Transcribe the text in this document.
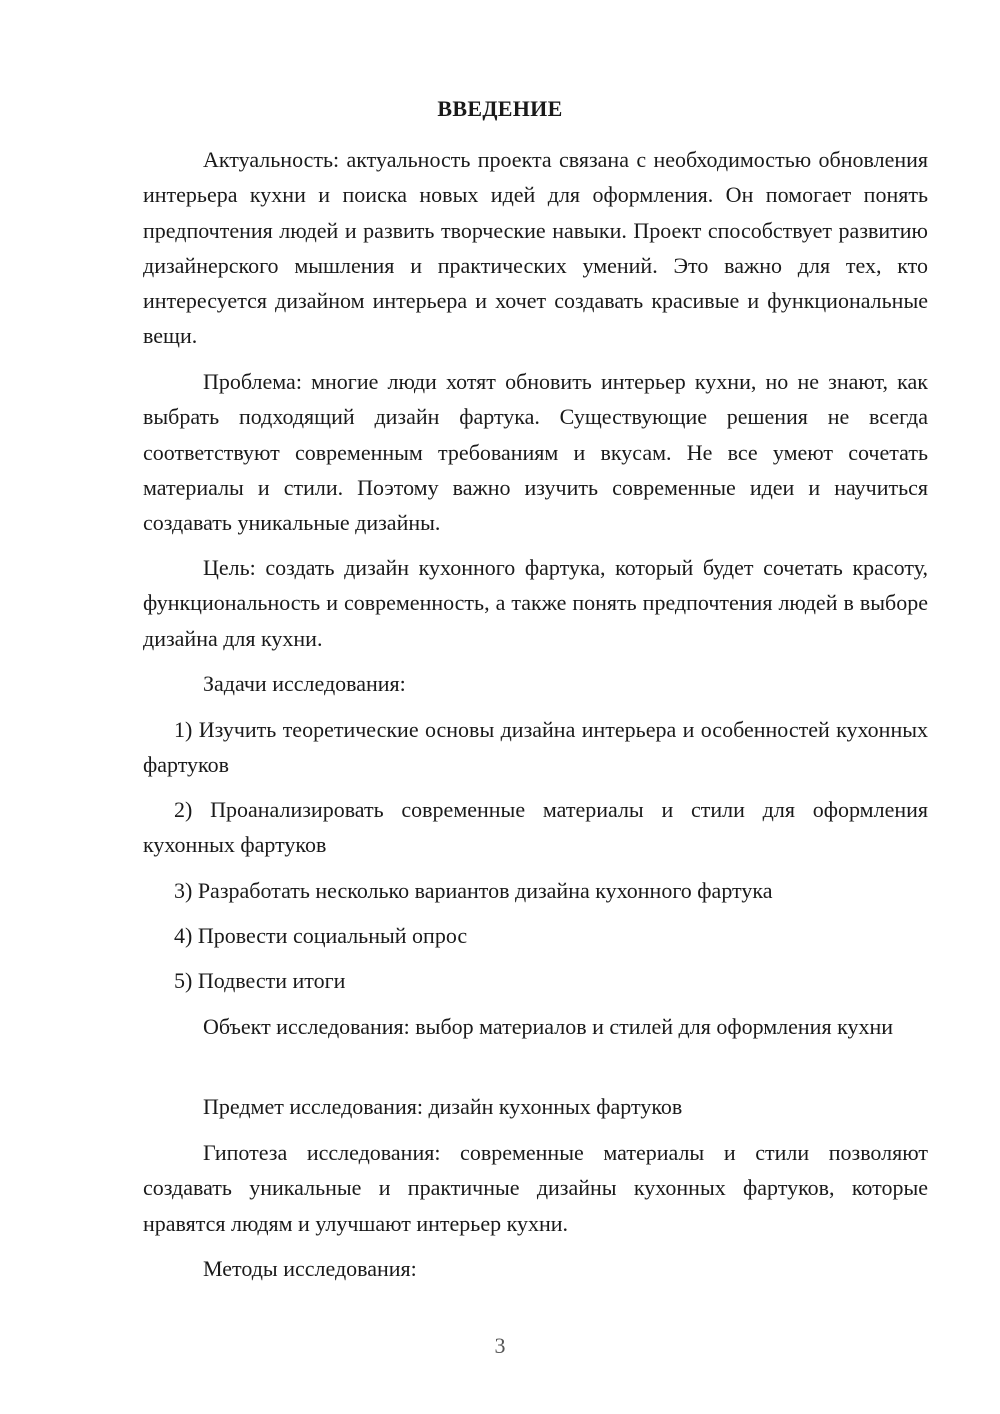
ВВЕДЕНИЕ

Актуальность: актуальность проекта связана с необходимостью обновления интерьера кухни и поиска новых идей для оформления. Он помогает понять предпочтения людей и развить творческие навыки. Проект способствует развитию дизайнерского мышления и практических умений. Это важно для тех, кто интересуется дизайном интерьера и хочет создавать красивые и функциональные вещи.

Проблема: многие люди хотят обновить интерьер кухни, но не знают, как выбрать подходящий дизайн фартука. Существующие решения не всегда соответствуют современным требованиям и вкусам. Не все умеют сочетать материалы и стили. Поэтому важно изучить современные идеи и научиться создавать уникальные дизайны.

Цель: создать дизайн кухонного фартука, который будет сочетать красоту, функциональность и современность, а также понять предпочтения людей в выборе дизайна для кухни.

Задачи исследования:

1) Изучить теоретические основы дизайна интерьера и особенностей кухонных фартуков

2) Проанализировать современные материалы и стили для оформления кухонных фартуков

3) Разработать несколько вариантов дизайна кухонного фартука

4) Провести социальный опрос

5) Подвести итоги

Объект исследования: выбор материалов и стилей для оформления кухни

Предмет исследования: дизайн кухонных фартуков

Гипотеза исследования: современные материалы и стили позволяют создавать уникальные и практичные дизайны кухонных фартуков, которые нравятся людям и улучшают интерьер кухни.

Методы исследования:

3
